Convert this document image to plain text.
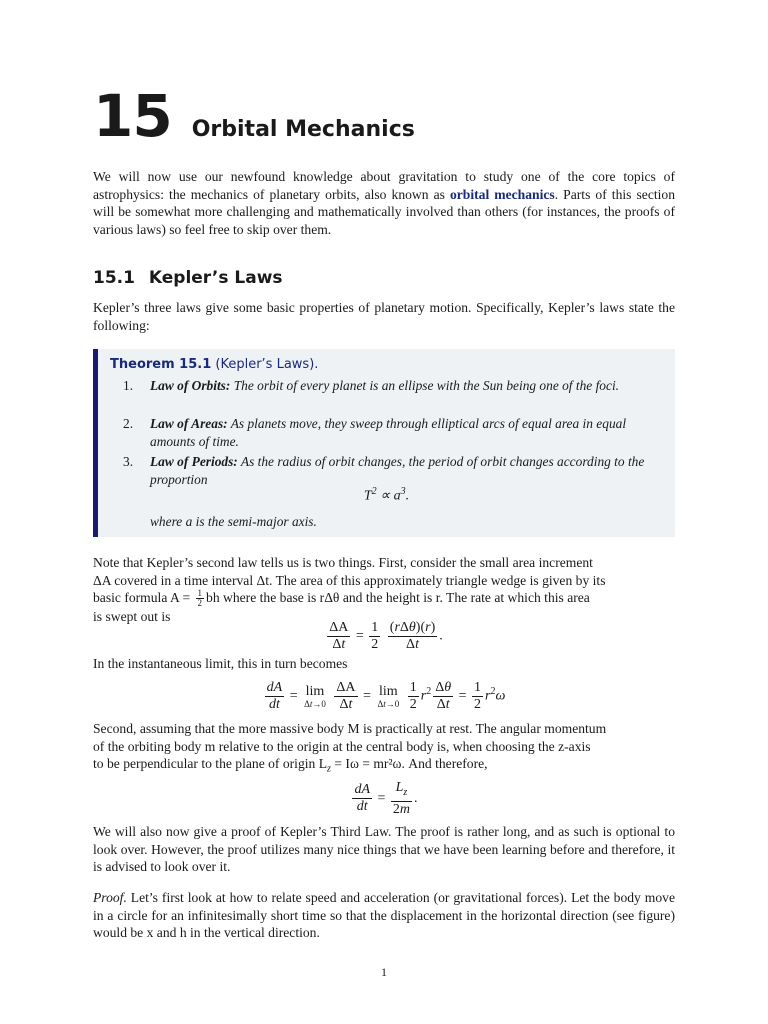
15 Orbital Mechanics

We will now use our newfound knowledge about gravitation to study one of the core topics of astrophysics: the mechanics of planetary orbits, also known as orbital mechanics. Parts of this section will be somewhat more challenging and mathematically involved than others (for instances, the proofs of various laws) so feel free to skip over them.

15.1 Kepler’s Laws

Kepler’s three laws give some basic properties of planetary motion. Specifically, Kepler’s laws state the following:

Theorem 15.1 (Kepler’s Laws).
1. Law of Orbits: The orbit of every planet is an ellipse with the Sun being one of the foci.
2. Law of Areas: As planets move, they sweep through elliptical arcs of equal area in equal amounts of time.
3. Law of Periods: As the radius of orbit changes, the period of orbit changes according to the proportion
$T^2 \propto a^3$.
where a is the semi-major axis.
Note that Kepler’s second law tells us is two things. First, consider the small area increment
ΔA covered in a time interval Δt. The area of this approximately triangle wedge is given by its
basic formula $A = \frac{1}{2}$ bh where the base is rΔθ and the height is r. The rate at which this area
is swept out is
$\frac{\Delta A}{\Delta t} = \frac{1}{2}$
$\frac{\text{(rΔθ)(r)}}{\Delta t}$ .

In the instantaneous limit, this in turn becomes

$\frac{dA}{dt} = \lim$
Δt→0
$\frac{\Delta A}{\Delta t} = \lim$
Δt→0
$\frac{1}{2} r^2 \frac{\Delta\theta}{\Delta t} = \frac{1}{2} r^2\omega$
Second, assuming that the more massive body M is practically at rest. The angular momentum
of the orbiting body m relative to the origin at the central body is, when choosing the z-axis
to be perpendicular to the plane of origin $L_z = I\omega = mr^2\omega$. And therefore,
$\frac{dA}{dt} = \frac{L_z}{2m}$ .

We will also now give a proof of Kepler’s Third Law. The proof is rather long, and as such is optional to look over. However, the proof utilizes many nice things that we have been learning before and therefore, it is advised to look over it.

Proof. Let’s first look at how to relate speed and acceleration (or gravitational forces). Let the body move in a circle for an infinitesimally short time so that the displacement in the horizontal direction (see figure) would be x and h in the vertical direction.

1
